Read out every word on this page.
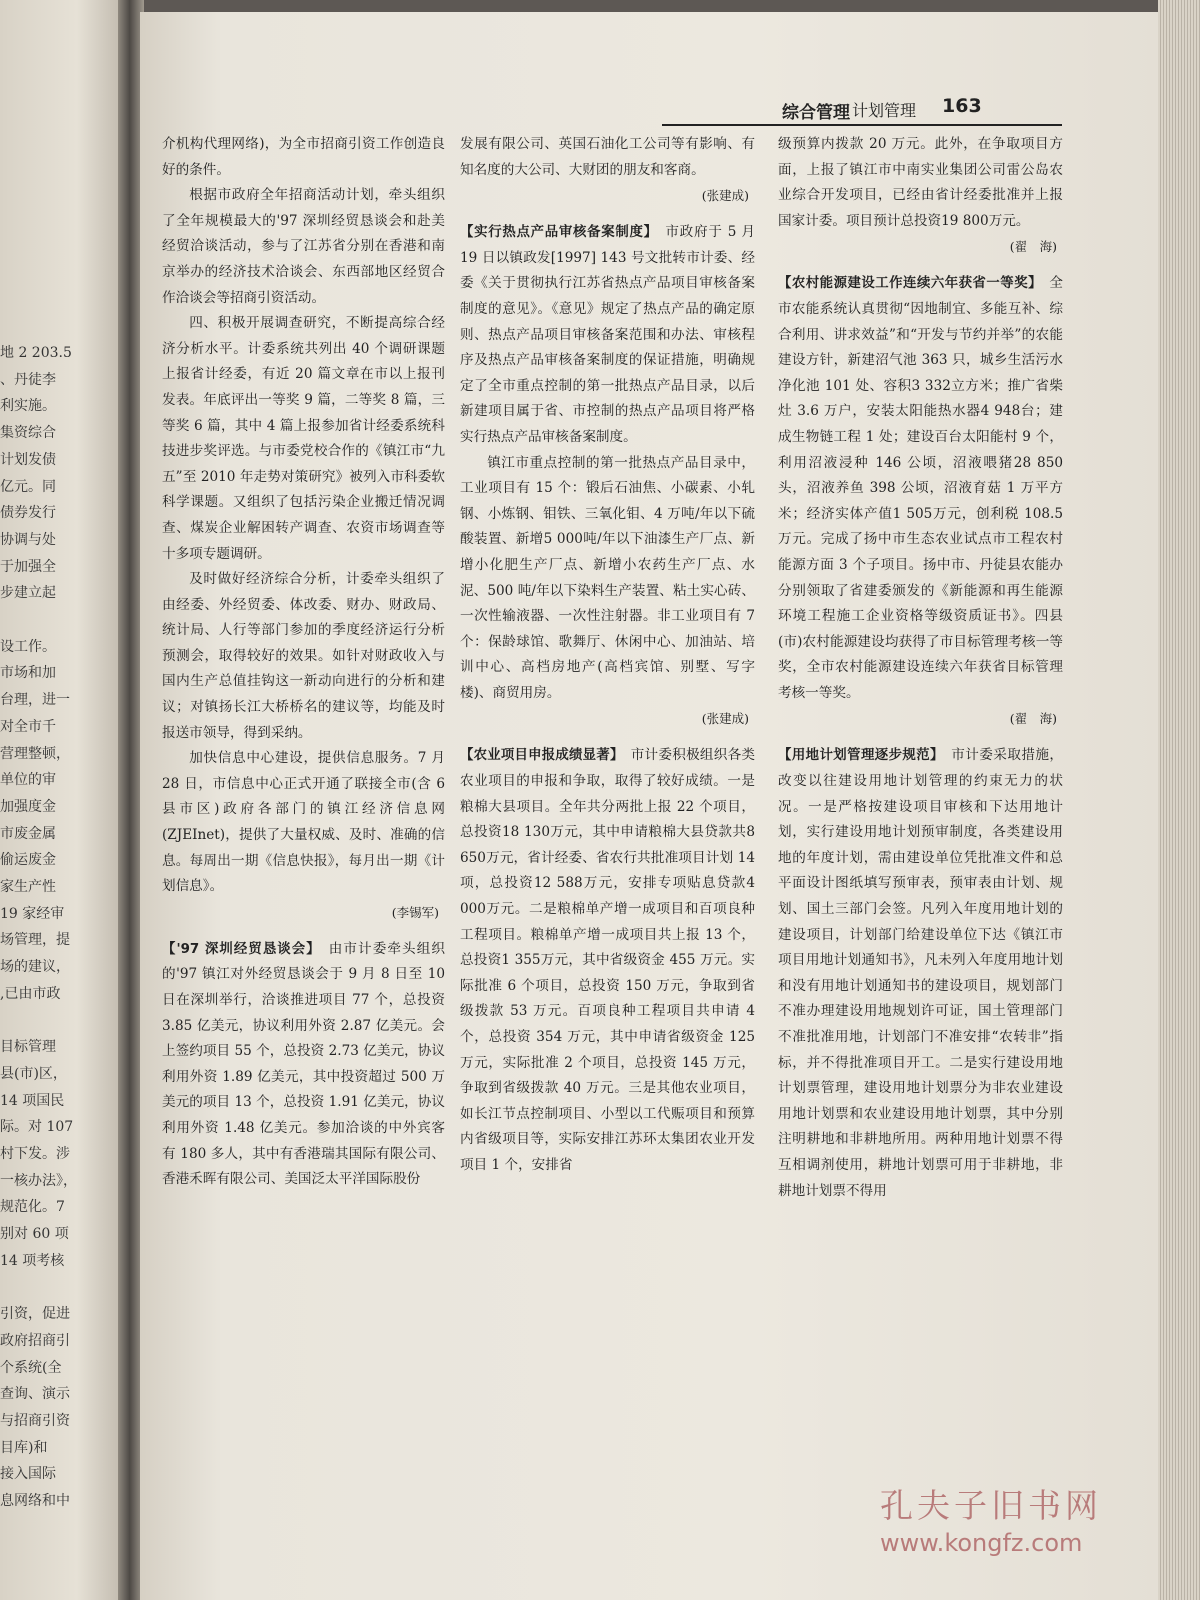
地 2 203.5
、丹徒李
利实施。
集资综合
计划发债
亿元。同
债券发行
协调与处
于加强全
步建立起
设工作。
市场和加
台理，进一
对全市千
营理整顿，
单位的审
加强度金
市废金属
偷运废金
家生产性
19 家经审
场管理，提
场的建议，
,已由市政
目标管理
县(市)区，
14 项国民
际。对 107
村下发。涉
一核办法》，
规范化。7
别对 60 项
14 项考核
引资，促进
政府招商引
个系统(全
查询、演示
与招商引资
目库)和
接入国际
息网络和中
综合管理 计划管理 163

介机构代理网络)，为全市招商引资工作创造良好的条件。

根据市政府全年招商活动计划，牵头组织了全年规模最大的'97 深圳经贸恳谈会和赴美经贸洽谈活动，参与了江苏省分别在香港和南京举办的经济技术洽谈会、东西部地区经贸合作洽谈会等招商引资活动。

四、积极开展调查研究，不断提高综合经济分析水平。计委系统共列出 40 个调研课题上报省计经委，有近 20 篇文章在市以上报刊发表。年底评出一等奖 9 篇，二等奖 8 篇，三等奖 6 篇，其中 4 篇上报参加省计经委系统科技进步奖评选。与市委党校合作的《镇江市“九五”至 2010 年走势对策研究》被列入市科委软科学课题。又组织了包括污染企业搬迁情况调查、煤炭企业解困转产调查、农资市场调查等十多项专题调研。

及时做好经济综合分析，计委牵头组织了由经委、外经贸委、体改委、财办、财政局、统计局、人行等部门参加的季度经济运行分析预测会，取得较好的效果。如针对财政收入与国内生产总值挂钩这一新动向进行的分析和建议；对镇扬长江大桥桥名的建议等，均能及时报送市领导，得到采纳。

加快信息中心建设，提供信息服务。7 月 28 日，市信息中心正式开通了联接全市(含 6 县市区)政府各部门的镇江经济信息网(ZJEInet)，提供了大量权威、及时、准确的信息。每周出一期《信息快报》，每月出一期《计划信息》。

(李锡军)

【'97 深圳经贸恳谈会】　由市计委牵头组织的'97 镇江对外经贸恳谈会于 9 月 8 日至 10 日在深圳举行，洽谈推进项目 77 个，总投资 3.85 亿美元，协议利用外资 2.87 亿美元。会上签约项目 55 个，总投资 2.73 亿美元，协议利用外资 1.89 亿美元，其中投资超过 500 万美元的项目 13 个，总投资 1.91 亿美元，协议利用外资 1.48 亿美元。参加洽谈的中外宾客有 180 多人，其中有香港瑞其国际有限公司、香港禾晖有限公司、美国泛太平洋国际股份

发展有限公司、英国石油化工公司等有影响、有知名度的大公司、大财团的朋友和客商。

(张建成)

【实行热点产品审核备案制度】　市政府于 5 月 19 日以镇政发[1997] 143 号文批转市计委、经委《关于贯彻执行江苏省热点产品项目审核备案制度的意见》。《意见》规定了热点产品的确定原则、热点产品项目审核备案范围和办法、审核程序及热点产品审核备案制度的保证措施，明确规定了全市重点控制的第一批热点产品目录，以后新建项目属于省、市控制的热点产品项目将严格实行热点产品审核备案制度。

镇江市重点控制的第一批热点产品目录中，工业项目有 15 个：锻后石油焦、小碳素、小轧钢、小炼钢、钼铁、三氧化钼、4 万吨/年以下硫酸装置、新增5 000吨/年以下油漆生产厂点、新增小化肥生产厂点、新增小农药生产厂点、水泥、500 吨/年以下染料生产装置、粘土实心砖、一次性输液器、一次性注射器。非工业项目有 7 个：保龄球馆、歌舞厅、休闲中心、加油站、培训中心、高档房地产(高档宾馆、别墅、写字楼)、商贸用房。

(张建成)

【农业项目申报成绩显著】　市计委积极组织各类农业项目的申报和争取，取得了较好成绩。一是粮棉大县项目。全年共分两批上报 22 个项目，总投资18 130万元，其中申请粮棉大县贷款共8 650万元，省计经委、省农行共批准项目计划 14 项，总投资12 588万元，安排专项贴息贷款4 000万元。二是粮棉单产增一成项目和百项良种工程项目。粮棉单产增一成项目共上报 13 个，总投资1 355万元，其中省级资金 455 万元。实际批准 6 个项目，总投资 150 万元，争取到省级拨款 53 万元。百项良种工程项目共申请 4 个，总投资 354 万元，其中申请省级资金 125 万元，实际批准 2 个项目，总投资 145 万元，争取到省级拨款 40 万元。三是其他农业项目，如长江节点控制项目、小型以工代赈项目和预算内省级项目等，实际安排江苏环太集团农业开发项目 1 个，安排省

级预算内拨款 20 万元。此外，在争取项目方面，上报了镇江市中南实业集团公司雷公岛农业综合开发项目，已经由省计经委批准并上报国家计委。项目预计总投资19 800万元。

(翟　海)

【农村能源建设工作连续六年获省一等奖】　全市农能系统认真贯彻“因地制宜、多能互补、综合利用、讲求效益”和“开发与节约并举”的农能建设方针，新建沼气池 363 只，城乡生活污水净化池 101 处、容积3 332立方米；推广省柴灶 3.6 万户，安装太阳能热水器4 948台；建成生物链工程 1 处；建设百台太阳能村 9 个，利用沼液浸种 146 公顷，沼液喂猪28 850头，沼液养鱼 398 公顷，沼液育菇 1 万平方米；经济实体产值1 505万元，创利税 108.5 万元。完成了扬中市生态农业试点市工程农村能源方面 3 个子项目。扬中市、丹徒县农能办分别领取了省建委颁发的《新能源和再生能源环境工程施工企业资格等级资质证书》。四县(市)农村能源建设均获得了市目标管理考核一等奖，全市农村能源建设连续六年获省目标管理考核一等奖。

(翟　海)

【用地计划管理逐步规范】　市计委采取措施，改变以往建设用地计划管理的约束无力的状况。一是严格按建设项目审核和下达用地计划，实行建设用地计划预审制度，各类建设用地的年度计划，需由建设单位凭批准文件和总平面设计图纸填写预审表，预审表由计划、规划、国土三部门会签。凡列入年度用地计划的建设项目，计划部门给建设单位下达《镇江市项目用地计划通知书》，凡未列入年度用地计划和没有用地计划通知书的建设项目，规划部门不准办理建设用地规划许可证，国土管理部门不准批准用地，计划部门不准安排“农转非”指标，并不得批准项目开工。二是实行建设用地计划票管理，建设用地计划票分为非农业建设用地计划票和农业建设用地计划票，其中分别注明耕地和非耕地所用。两种用地计划票不得互相调剂使用，耕地计划票可用于非耕地，非耕地计划票不得用

孔夫子旧书网
www.kongfz.com
